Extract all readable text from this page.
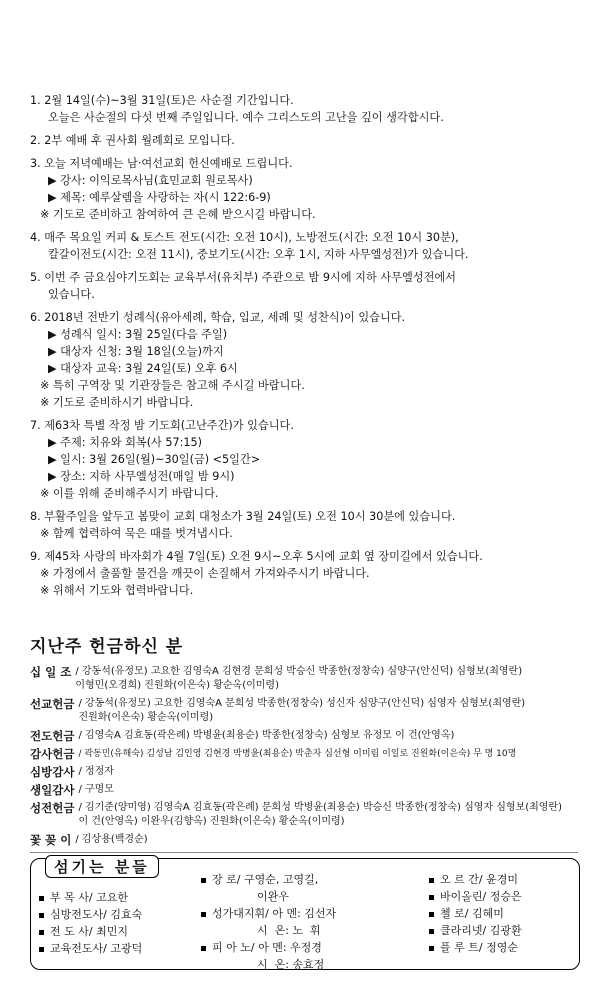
1. 2월 14일(수)~3월 31일(토)은 사순절 기간입니다.
오늘은 사순절의 다섯 번째 주일입니다. 예수 그리스도의 고난을 깊이 생각합시다.
2. 2부 예배 후 권사회 월례회로 모입니다.
3. 오늘 저녁예배는 남·여선교회 헌신예배로 드립니다.
▶ 강사: 이익로목사님(효민교회 원로목사)
▶ 제목: 예루살렘을 사랑하는 자(시 122:6-9)
※ 기도로 준비하고 참여하여 큰 은혜 받으시길 바랍니다.
4. 매주 목요일 커피 & 토스트 전도(시간: 오전 10시), 노방전도(시간: 오전 10시 30분),
칼갈이전도(시간: 오전 11시), 중보기도(시간: 오후 1시, 지하 사무엘성전)가 있습니다.
5. 이번 주 금요심야기도회는 교육부서(유치부) 주관으로 밤 9시에 지하 사무엘성전에서
있습니다.
6. 2018년 전반기 성례식(유아세례, 학습, 입교, 세례 및 성찬식)이 있습니다.
▶ 성례식 일시: 3월 25일(다음 주일)
▶ 대상자 신청: 3월 18일(오늘)까지
▶ 대상자 교육: 3월 24일(토) 오후 6시
※ 특히 구역장 및 기관장들은 참고해 주시길 바랍니다.
※ 기도로 준비하시기 바랍니다.
7. 제63차 특별 작정 밤 기도회(고난주간)가 있습니다.
▶ 주제: 치유와 회복(사 57:15)
▶ 일시: 3월 26일(월)~30일(금) <5일간>
▶ 장소: 지하 사무엘성전(매일 밤 9시)
※ 이를 위해 준비해주시기 바랍니다.
8. 부활주일을 앞두고 봄맞이 교회 대청소가 3월 24일(토) 오전 10시 30분에 있습니다.
※ 함께 협력하여 묵은 때를 벗겨냅시다.
9. 제45차 사랑의 바자회가 4월 7일(토) 오전 9시~오후 5시에 교회 옆 장미길에서 있습니다.
※ 가정에서 출품할 물건을 깨끗이 손질해서 가져와주시기 바랍니다.
※ 위해서 기도와 협력바랍니다.
지난주 헌금하신 분
십 일 조 / 강동석(유정모) 고요한 김영숙A 김현경 문희성 박승신 박종한(정창숙) 심양구(안신덕) 심형보(최영란)
이형민(오경희) 진원화(이은숙) 황순옥(이미령)
선교헌금 / 강동석(유정모) 고요한 김영숙A 문희성 박종한(정창숙) 성신자 심양구(안신덕) 심영자 심형보(최영란)
진원화(이은숙) 황순옥(이미령)
전도헌금 / 김영숙A 김효동(곽은례) 박병윤(최용순) 박종한(정창숙) 심형보 유정모 이 건(안영옥)
감사헌금 / 곽동민(유해숙) 김성남 김인영 김현경 박병윤(최용순) 박춘자 심선형 이미림 이일로 진원화(이은숙) 무 명 10명
심방감사 / 정정자
생일감사 / 구명모
성전헌금 / 김기준(양미영) 김영숙A 김효동(곽은례) 문희성 박병윤(최용순) 박승신 박종한(정창숙) 심영자 심형보(최영란)
이 건(안영옥) 이완우(김향옥) 진원화(이은숙) 황순옥(이미령)
꽃 꽂 이 / 김상용(백경순)
섬기는 분들
부 목 사/ 고요한
심방전도사/ 김효숙
전 도 사/ 최민지
교육전도사/ 고광덕
장 로/ 구영순, 고영길,
이완우
성가대지휘/ 아 멘: 김선자
시  온: 노  휘
피 아 노/ 아 멘: 우정경
시  온: 송효정
오 르 간/ 윤경미
바이올린/ 정승은
첼 로/ 김혜미
클라리넷/ 김광환
플 루 트/ 정영순
